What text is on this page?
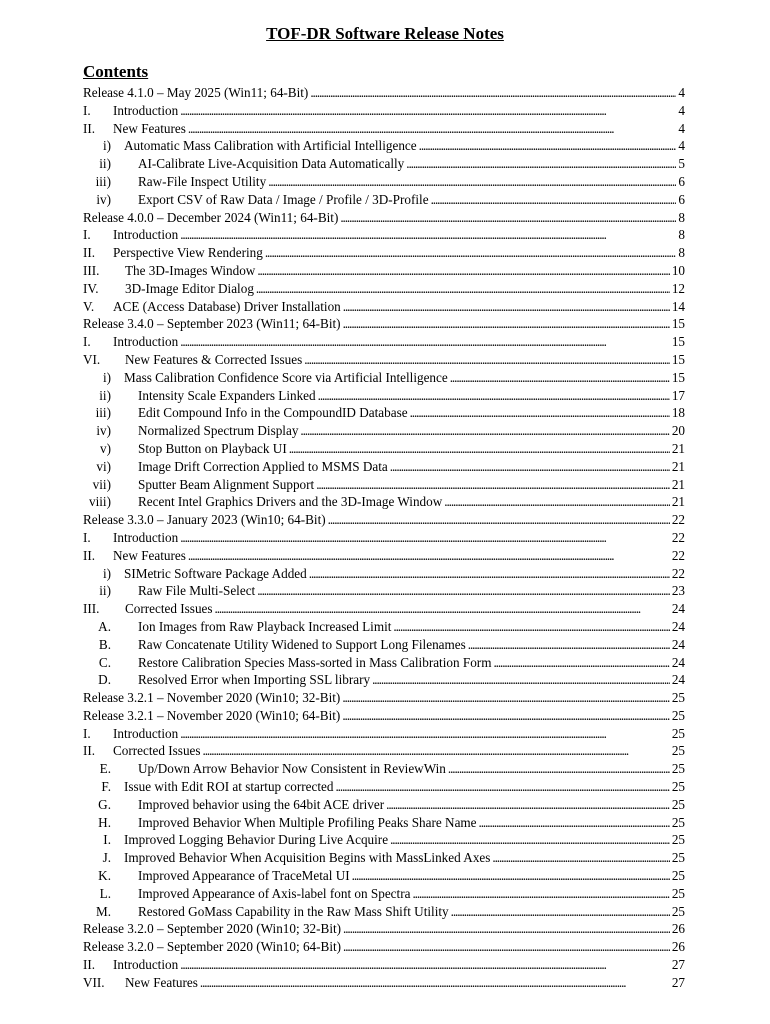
TOF-DR Software Release Notes
Contents
Release 4.1.0 – May 2025 (Win11; 64-Bit) . . .	4
I.	Introduction . . .	4
II.	New Features . . .	4
i) Automatic Mass Calibration with Artificial Intelligence . . .	4
ii) AI-Calibrate Live-Acquisition Data Automatically . . .	5
iii) Raw-File Inspect Utility . . .	6
iv) Export CSV of Raw Data / Image / Profile / 3D-Profile . . .	6
Release 4.0.0 – December 2024 (Win11; 64-Bit) . . .	8
I.	Introduction . . .	8
II.	Perspective View Rendering . . .	8
III.	The 3D-Images Window . . .	10
IV.	3D-Image Editor Dialog . . .	12
V.	ACE (Access Database) Driver Installation . . .	14
Release 3.4.0 – September 2023 (Win11; 64-Bit) . . .	15
I.	Introduction . . .	15
VI.	New Features & Corrected Issues . . .	15
i) Mass Calibration Confidence Score via Artificial Intelligence . . .	15
ii) Intensity Scale Expanders Linked . . .	17
iii) Edit Compound Info in the CompoundID Database . . .	18
iv) Normalized Spectrum Display . . .	20
v) Stop Button on Playback UI . . .	21
vi) Image Drift Correction Applied to MSMS Data . . .	21
vii) Sputter Beam Alignment Support . . .	21
viii) Recent Intel Graphics Drivers and the 3D-Image Window . . .	21
Release 3.3.0 – January 2023 (Win10; 64-Bit) . . .	22
I.	Introduction . . .	22
II.	New Features . . .	22
i) SIMetric Software Package Added . . .	22
ii) Raw File Multi-Select . . .	23
III.	Corrected Issues . . .	24
A. Ion Images from Raw Playback Increased Limit . . .	24
B. Raw Concatenate Utility Widened to Support Long Filenames . . .	24
C. Restore Calibration Species Mass-sorted in Mass Calibration Form . . .	24
D. Resolved Error when Importing SSL library . . .	24
Release 3.2.1 – November 2020 (Win10; 32-Bit) . . .	25
Release 3.2.1 – November 2020 (Win10; 64-Bit) . . .	25
I.	Introduction . . .	25
II.	Corrected Issues . . .	25
E. Up/Down Arrow Behavior Now Consistent in ReviewWin . . .	25
F. Issue with Edit ROI at startup corrected . . .	25
G. Improved behavior using the 64bit ACE driver . . .	25
H. Improved Behavior When Multiple Profiling Peaks Share Name . . .	25
I. Improved Logging Behavior During Live Acquire . . .	25
J. Improved Behavior When Acquisition Begins with MassLinked Axes . . .	25
K. Improved Appearance of TraceMetal UI . . .	25
L. Improved Appearance of Axis-label font on Spectra . . .	25
M. Restored GoMass Capability in the Raw Mass Shift Utility . . .	25
Release 3.2.0 – September 2020 (Win10; 32-Bit) . . .	26
Release 3.2.0 – September 2020 (Win10; 64-Bit) . . .	26
II.	Introduction . . .	27
VII.	New Features . . .	27
